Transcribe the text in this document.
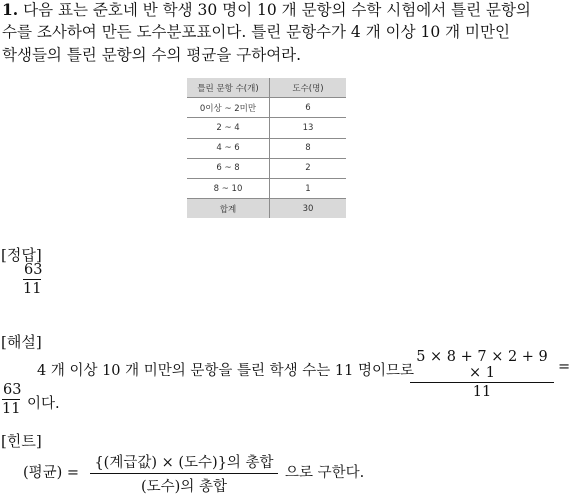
1. 다음 표는 준호네 반 학생 30 명이 10 개 문항의 수학 시험에서 틀린 문항의
수를 조사하여 만든 도수분포표이다. 틀린 문항수가 4 개 이상 10 개 미만인
학생들의 틀린 문항의 수의 평균을 구하여라.
틀린 문항 수(개)	도수(명)
0이상 ~ 2미만	6
2 ~ 4	13
4 ~ 6	8
6 ~ 8	2
8 ~ 10	1
합계	30
[정답]
63
11
[해설]
4 개 이상 10 개 미만의 문항을 틀린 학생 수는 11 명이므로
5 × 8 + 7 × 2 + 9 × 1
11
=
63
11 이다.
[힌트]
(평균) =
{(계급값) × (도수)}의 총합
(도수)의 총합
으로 구한다.
